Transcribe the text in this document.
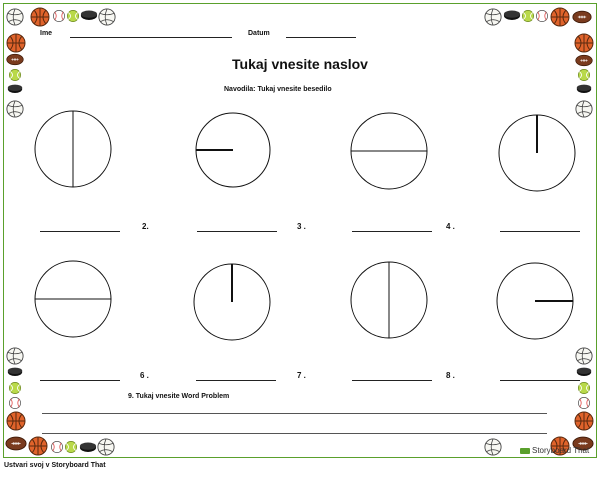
Ime	Datum
Tukaj vnesite naslov
Navodila: Tukaj vnesite besedilo
2.	3 .	4 .
6 .	7 .	8 .
9. Tukaj vnesite Word Problem
Storyboard That
Ustvari svoj v Storyboard That
